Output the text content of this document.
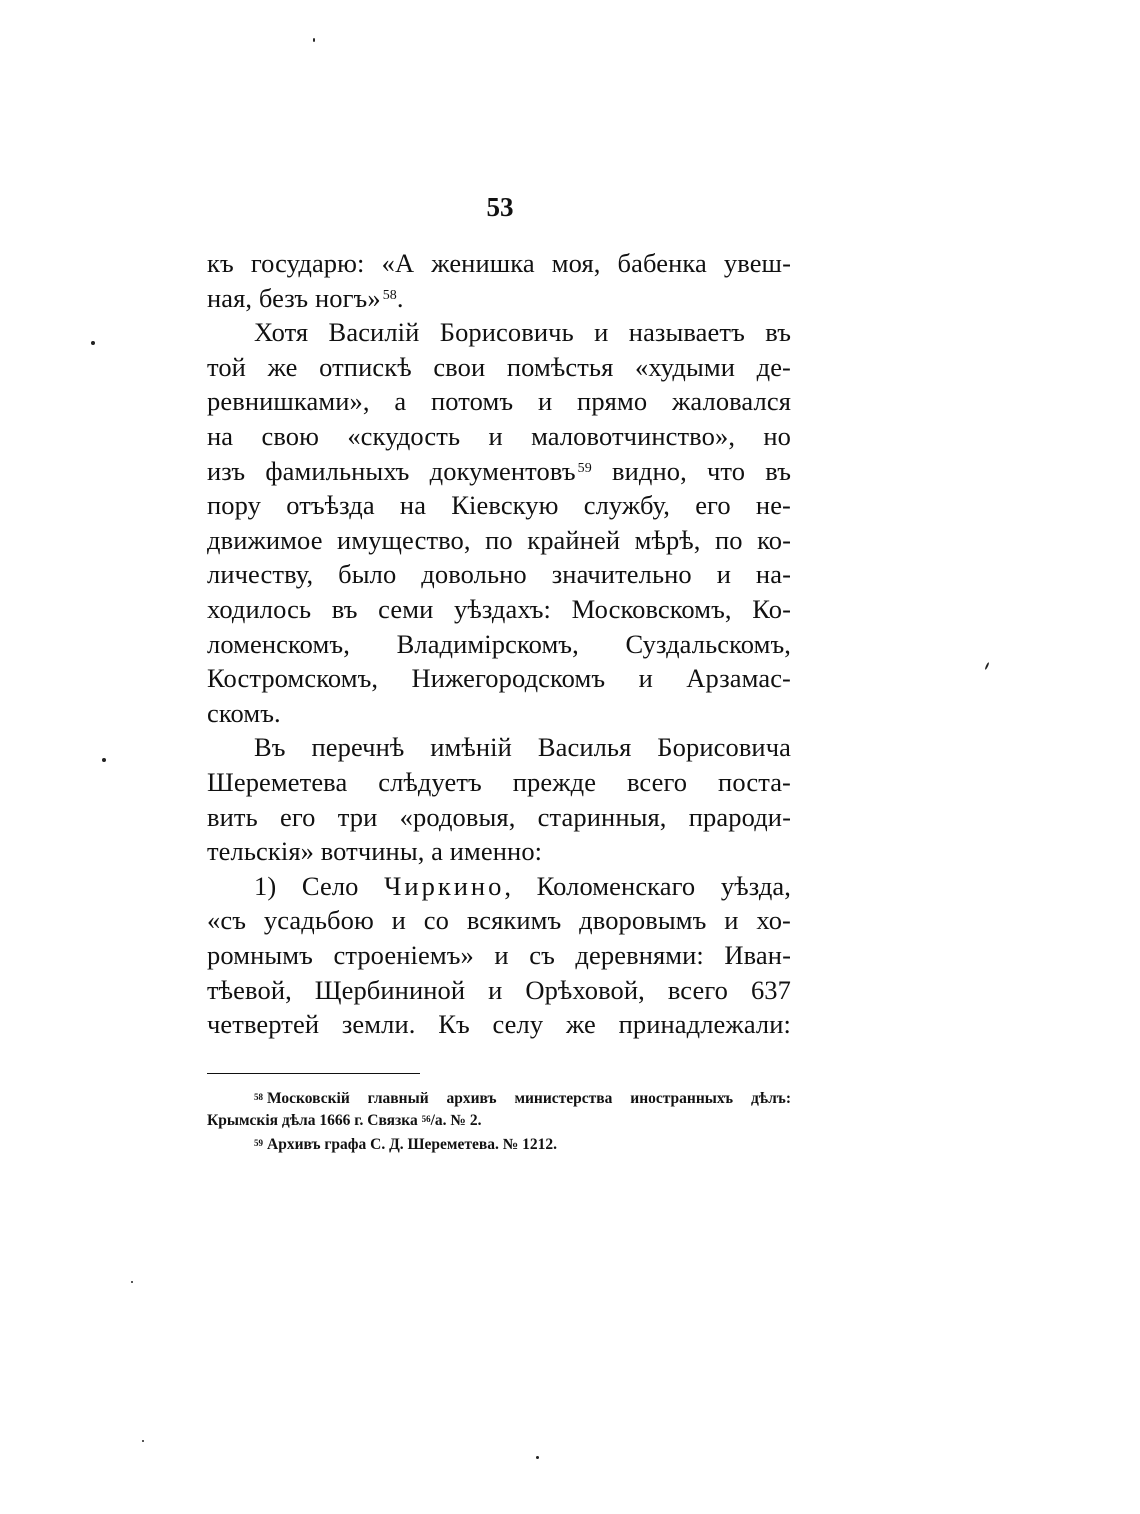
53
къ государю: «А женишка моя, бабенка увеш-
ная, безъ ногъ» $^{58}$.
Хотя Василій Борисовичь и называетъ въ
той же отпискѣ свои помѣстья «худыми де-
ревнишками», а потомъ и прямо жаловался
на свою «скудость и маловотчинство», но
изъ фамильныхъ документовъ $^{59}$ видно, что въ
пору отъѣзда на Кіевскую службу, его не-
движимое имущество, по крайней мѣрѣ, по ко-
личеству, было довольно значительно и на-
ходилось въ семи уѣздахъ: Московскомъ, Ко-
ломенскомъ, Владимірскомъ, Суздальскомъ,
Костромскомъ, Нижегородскомъ и Арзамас-
скомъ.
Въ перечнѣ имѣній Василья Борисовича
Шереметева слѣдуетъ прежде всего поста-
вить его три «родовыя, старинныя, прароди-
тельскія» вотчины, а именно:
1) Село Чиркино, Коломенскаго уѣзда,
«съ усадьбою и со всякимъ дворовымъ и хо-
ромнымъ строеніемъ» и съ деревнями: Иван-
тѣевой, Щербининой и Орѣховой, всего 637
четвертей земли. Къ селу же принадлежали:
$^{58}$ Московскій главный архивъ министерства иностранныхъ дѣлъ:
Крымскія дѣла 1666 г. Связка $^{56}$/а. № 2.
$^{59}$ Архивъ графа С. Д. Шереметева. № 1212.
